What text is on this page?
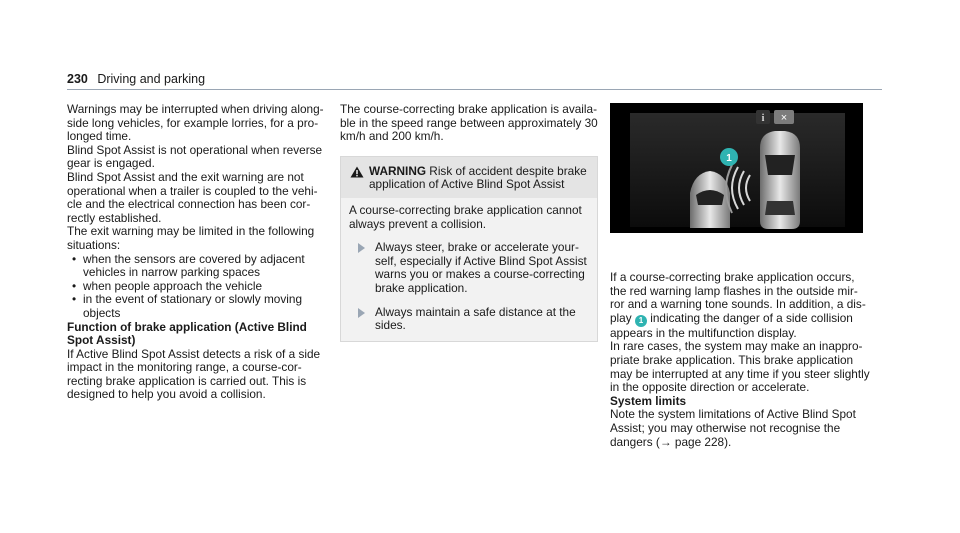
230 Driving and parking

Warnings may be interrupted when driving along-side long vehicles, for example lorries, for a pro-longed time.

Blind Spot Assist is not operational when reverse gear is engaged.

Blind Spot Assist and the exit warning are not operational when a trailer is coupled to the vehi-cle and the electrical connection has been cor-rectly established.

The exit warning may be limited in the following situations:

• when the sensors are covered by adjacent vehicles in narrow parking spaces
• when people approach the vehicle
• in the event of stationary or slowly moving objects

Function of brake application (Active Blind Spot Assist)

If Active Blind Spot Assist detects a risk of a side impact in the monitoring range, a course-cor-recting brake application is carried out. This is designed to help you avoid a collision.

The course-correcting brake application is availa-ble in the speed range between approximately 30 km/h and 200 km/h.

WARNING Risk of accident despite brake application of Active Blind Spot Assist

A course-correcting brake application cannot always prevent a collision.

Always steer, brake or accelerate your-self, especially if Active Blind Spot Assist warns you or makes a course-correcting brake application.
Always maintain a safe distance at the sides.
i ×
1

If a course-correcting brake application occurs, the red warning lamp flashes in the outside mir-ror and a warning tone sounds. In addition, a dis-play 1 indicating the danger of a side collision appears in the multifunction display.

In rare cases, the system may make an inappro-priate brake application. This brake application may be interrupted at any time if you steer slightly in the opposite direction or accelerate.

System limits

Note the system limitations of Active Blind Spot Assist; you may otherwise not recognise the dangers (→ page 228).
